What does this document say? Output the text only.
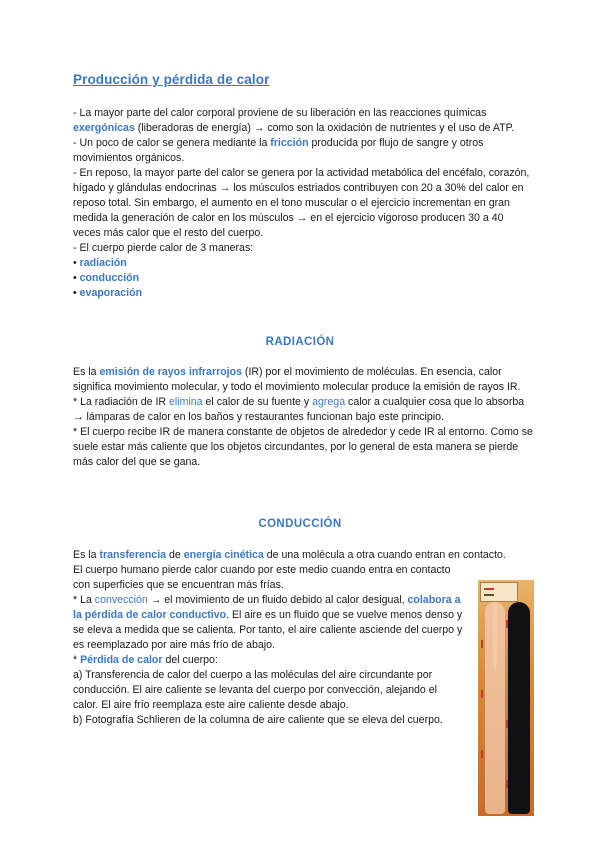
Producción y pérdida de calor

- La mayor parte del calor corporal proviene de su liberación en las reacciones químicas exergónicas (liberadoras de energía) → como son la oxidación de nutrientes y el uso de ATP.

- Un poco de calor se genera mediante la fricción producida por flujo de sangre y otros movimientos orgánicos.

- En reposo, la mayor parte del calor se genera por la actividad metabólica del encéfalo, corazón, hígado y glándulas endocrinas → los músculos estriados contribuyen con 20 a 30% del calor en reposo total. Sin embargo, el aumento en el tono muscular o el ejercicio incrementan en gran medida la generación de calor en los músculos → en el ejercicio vigoroso producen 30 a 40 veces más calor que el resto del cuerpo.

- El cuerpo pierde calor de 3 maneras:

• radiación

• conducción

• evaporación

RADIACIÓN

Es la emisión de rayos infrarrojos (IR) por el movimiento de moléculas. En esencia, calor significa movimiento molecular, y todo el movimiento molecular produce la emisión de rayos IR.

* La radiación de IR elimina el calor de su fuente y agrega calor a cualquier cosa que lo absorba → lámparas de calor en los baños y restaurantes funcionan bajo este principio.

* El cuerpo recibe IR de manera constante de objetos de alrededor y cede IR al entorno. Como se suele estar más caliente que los objetos circundantes, por lo general de esta manera se pierde más calor del que se gana.

CONDUCCIÓN

Es la transferencia de energía cinética de una molécula a otra cuando entran en contacto.

El cuerpo humano pierde calor cuando por este medio cuando entra en contacto con superficies que se encuentran más frías.

* La convección → el movimiento de un fluido debido al calor desigual, colabora a la pérdida de calor conductivo. El aire es un fluido que se vuelve menos denso y se eleva a medida que se calienta. Por tanto, el aire caliente asciende del cuerpo y es reemplazado por aire más frío de abajo.

* Pérdida de calor del cuerpo:

a) Transferencia de calor del cuerpo a las moléculas del aire circundante por conducción. El aire caliente se levanta del cuerpo por convección, alejando el calor. El aire frío reemplaza este aire caliente desde abajo.

b) Fotografía Schlieren de la columna de aire caliente que se eleva del cuerpo.
